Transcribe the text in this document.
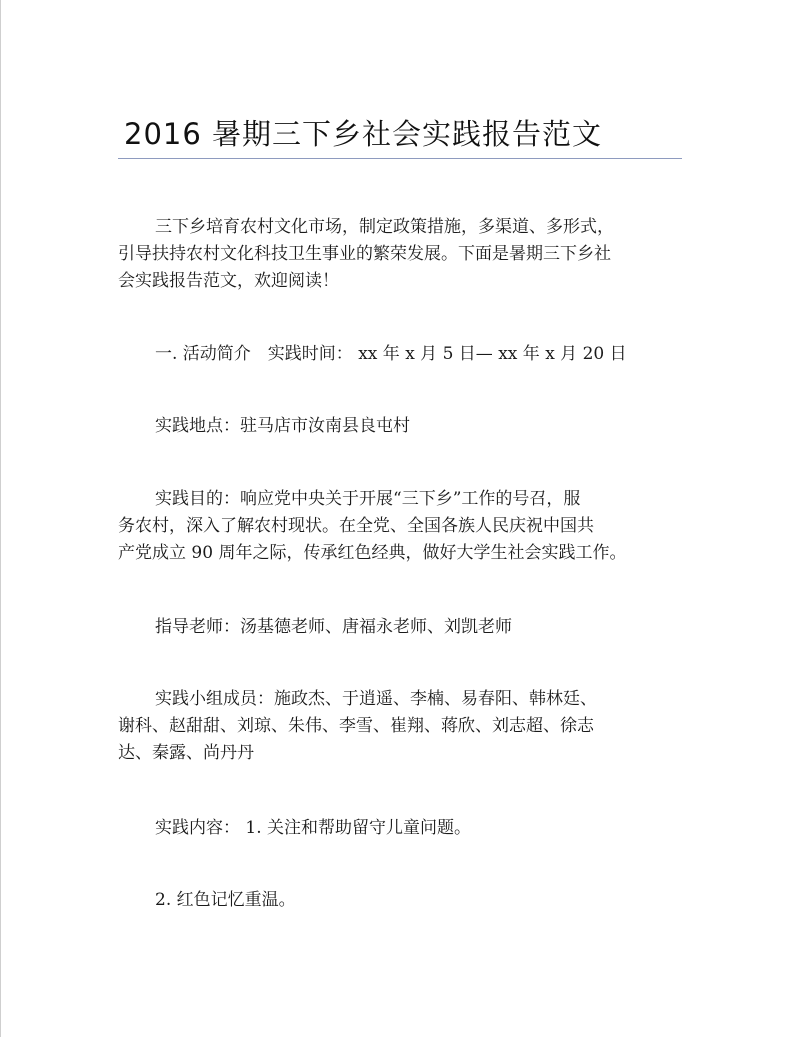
2016 暑期三下乡社会实践报告范文
三下乡培育农村文化市场，制定政策措施，多渠道、多形式，
引导扶持农村文化科技卫生事业的繁荣发展。下面是暑期三下乡社
会实践报告范文，欢迎阅读！
一. 活动简介　实践时间： xx 年 x 月 5 日— xx 年 x 月 20 日
实践地点：驻马店市汝南县良屯村
实践目的：响应党中央关于开展“三下乡”工作的号召，服
务农村，深入了解农村现状。在全党、全国各族人民庆祝中国共
产党成立 90 周年之际，传承红色经典，做好大学生社会实践工作。
指导老师：汤基德老师、唐福永老师、刘凯老师
实践小组成员：施政杰、于逍遥、李楠、易春阳、韩林廷、
谢科、赵甜甜、刘琼、朱伟、李雪、崔翔、蒋欣、刘志超、徐志
达、秦露、尚丹丹
实践内容： 1. 关注和帮助留守儿童问题。
2. 红色记忆重温。
